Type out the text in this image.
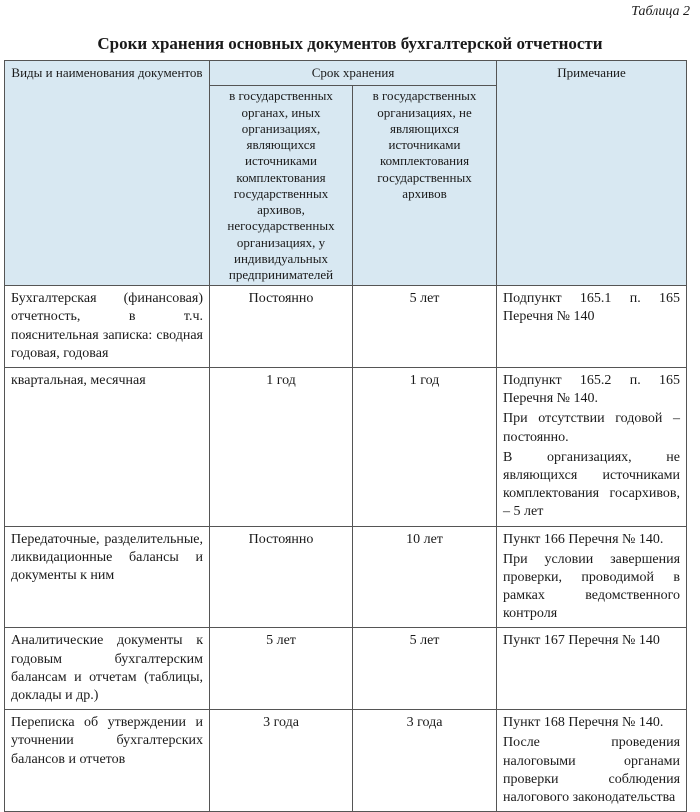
Таблица 2
Сроки хранения основных документов бухгалтерской отчетности
Виды и наименования документов	Срок хранения		Примечание
	в государственных органах, иных организациях, являющихся источниками комплектования государственных архивов, негосударственных организациях, у индивидуальных предпринимателей	в государственных организациях, не являющихся источниками комплектования государственных архивов	
Бухгалтерская (финансовая) отчетность, в т.ч. пояснительная записка: сводная годовая, годовая	Постоянно	5 лет	Подпункт 165.1 п. 165 Перечня № 140

квартальная, месячная	1 год	1 год	Подпункт 165.2 п. 165 Перечня № 140.
При отсутствии годовой – постоянно.
В организациях, не являющихся источниками комплектования госархивов, – 5 лет

Передаточные, разделительные, ликвидационные балансы и документы к ним	Постоянно	10 лет	Пункт 166 Перечня № 140.
При условии завершения проверки, проводимой в рамках ведомственного контроля

Аналитические документы к годовым бухгалтерским балансам и отчетам (таблицы, доклады и др.)	5 лет	5 лет	Пункт 167 Перечня № 140

Переписка об утверждении и уточнении бухгалтерских балансов и отчетов	3 года	3 года	Пункт 168 Перечня № 140.
После проведения налоговыми органами проверки соблюдения налогового законодательства
